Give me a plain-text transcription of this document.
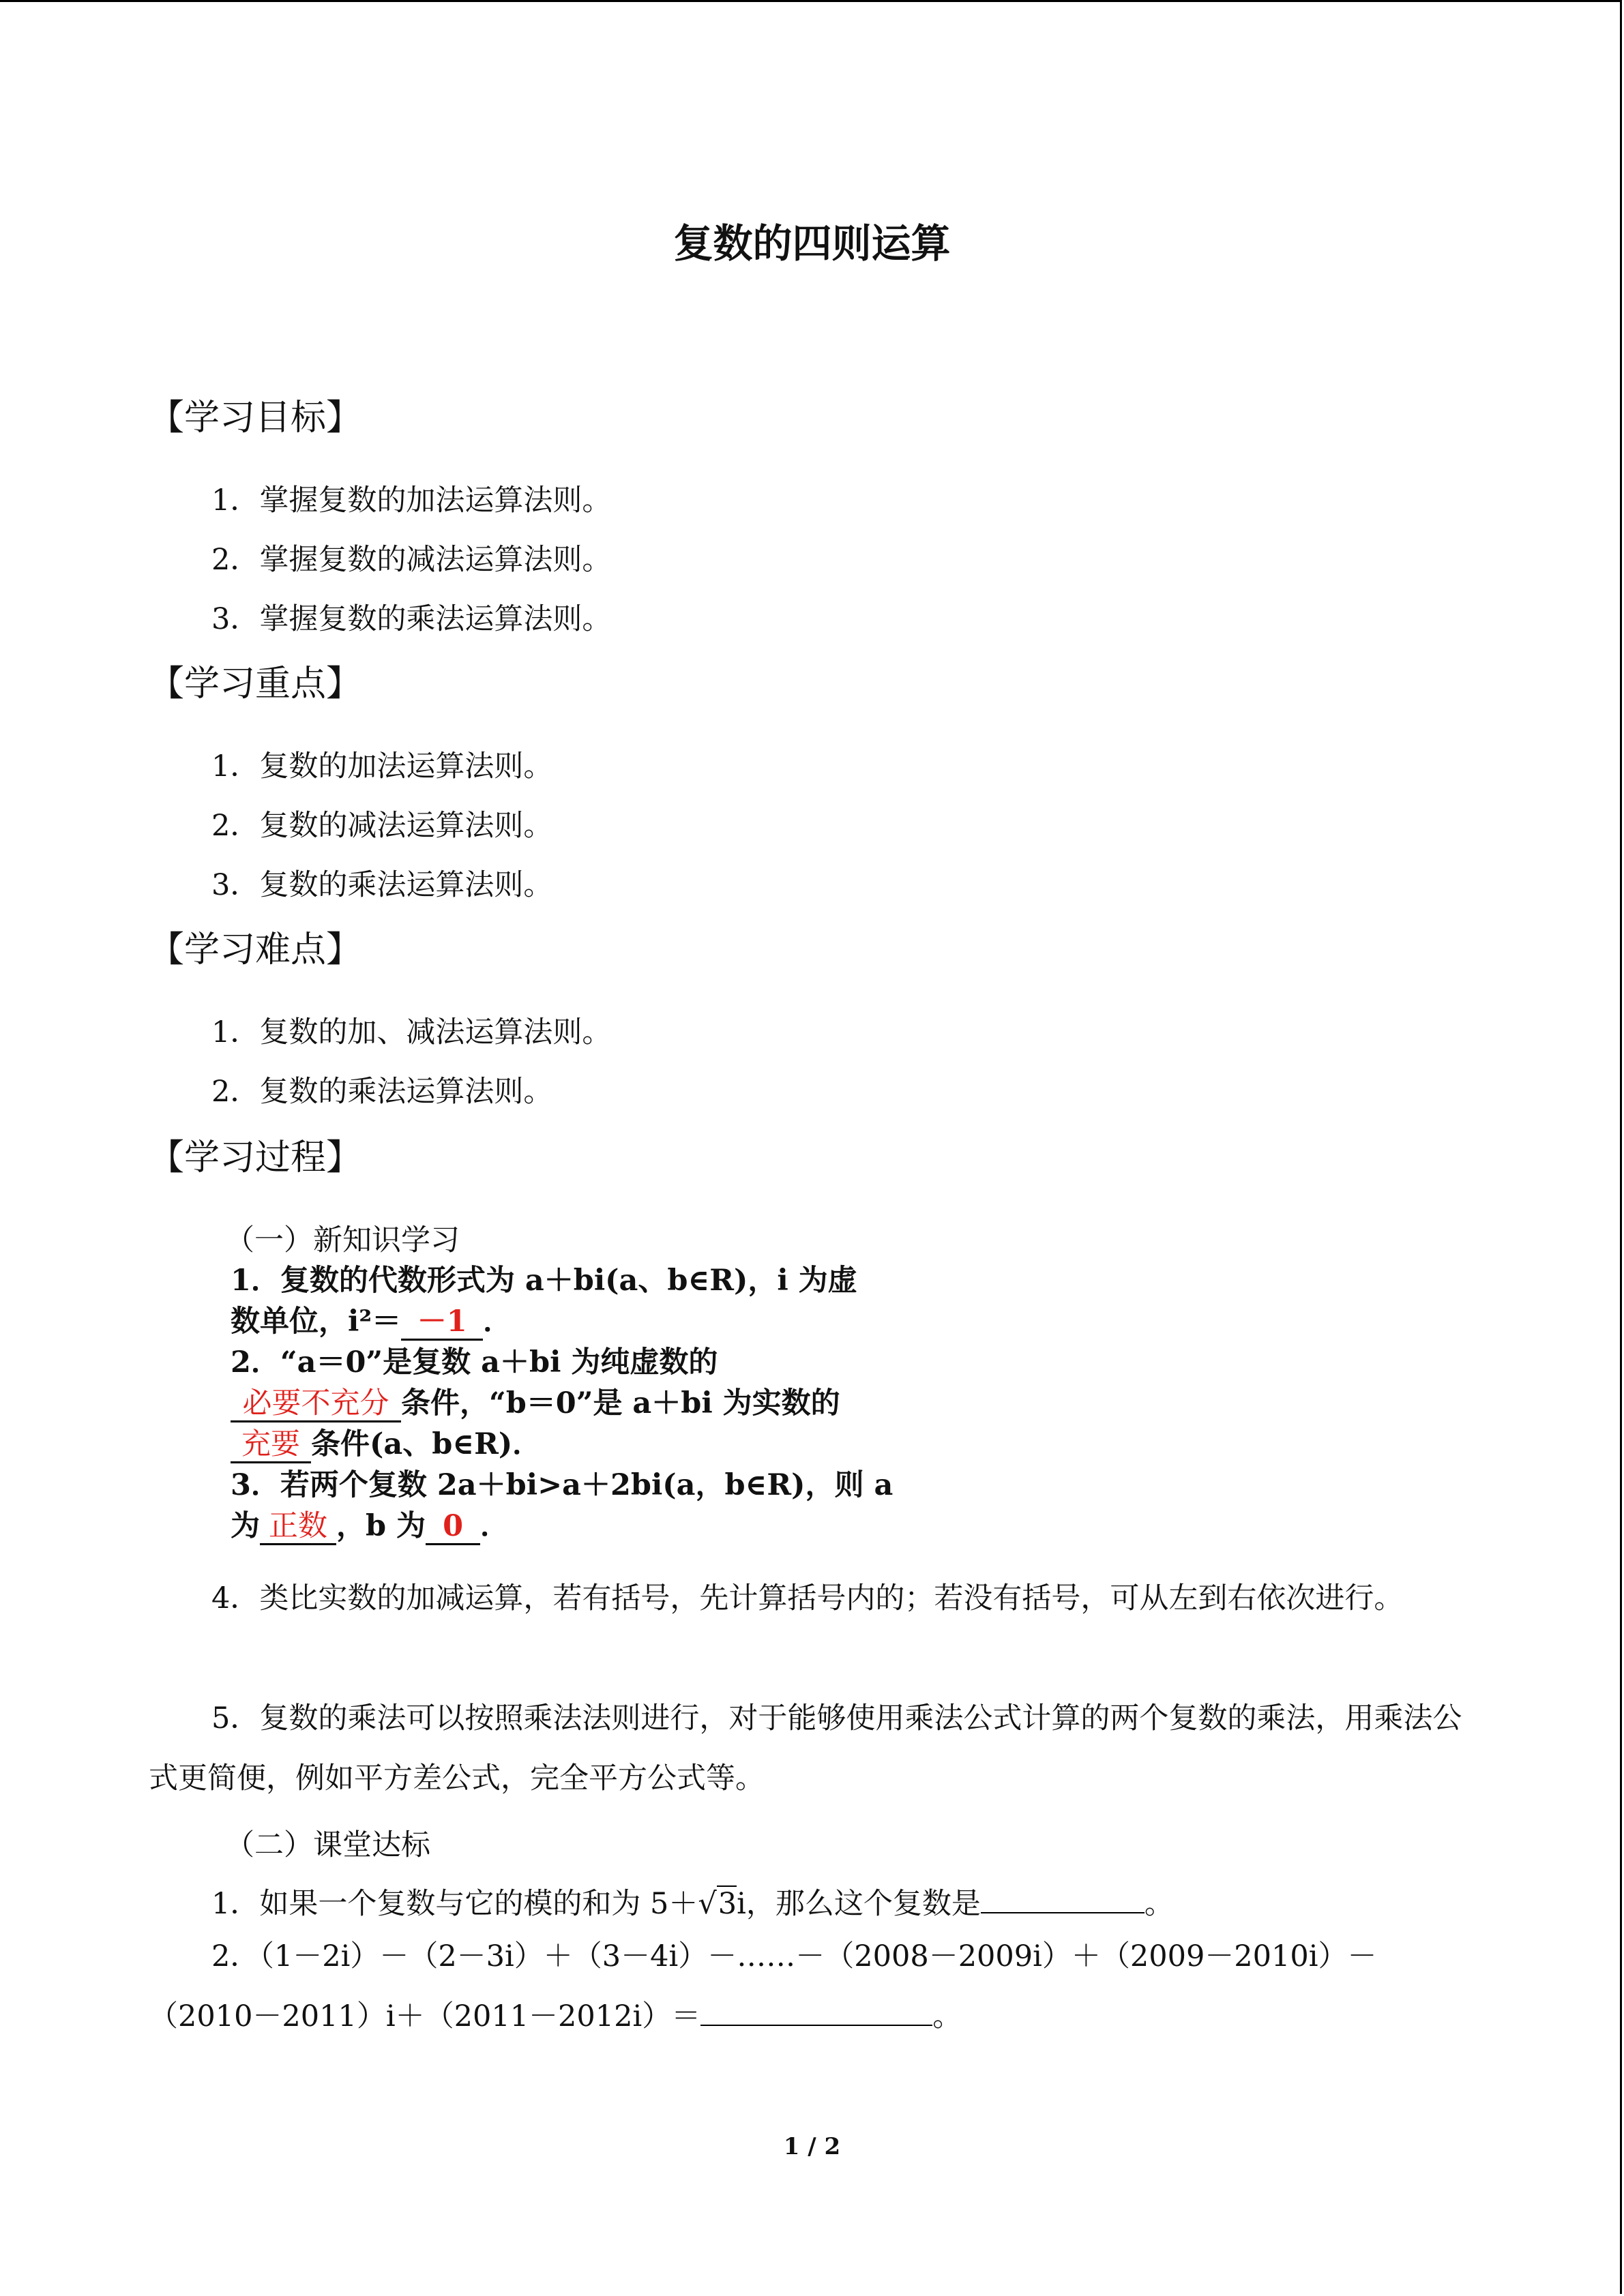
复数的四则运算
【学习目标】
1．掌握复数的加法运算法则。
2．掌握复数的减法运算法则。
3．掌握复数的乘法运算法则。
【学习重点】
1．复数的加法运算法则。
2．复数的减法运算法则。
3．复数的乘法运算法则。
【学习难点】
1．复数的加、减法运算法则。
2．复数的乘法运算法则。
【学习过程】
（一）新知识学习
1．复数的代数形式为 a＋bi(a、b∈R)，i 为虚
数单位，i²＝ －1 ．
2．“a＝0”是复数 a＋bi 为纯虚数的
必要不充分 条件，“b＝0”是 a＋bi 为实数的
充要 条件(a、b∈R)．
3．若两个复数 2a＋bi>a＋2bi(a，b∈R)，则 a
为 正数 ，b 为 0 ．
4．类比实数的加减运算，若有括号，先计算括号内的；若没有括号，可从左到右依次进行。
5．复数的乘法可以按照乘法法则进行，对于能够使用乘法公式计算的两个复数的乘法，用乘法公式更简便，例如平方差公式，完全平方公式等。
（二）课堂达标
1．如果一个复数与它的模的和为 5＋√3i，那么这个复数是	。
2．（1－2i）－（2－3i）＋（3－4i）－……－（2008－2009i）＋（2009－2010i）－（2010－2011）i＋（2011－2012i）＝	。
1 / 2
